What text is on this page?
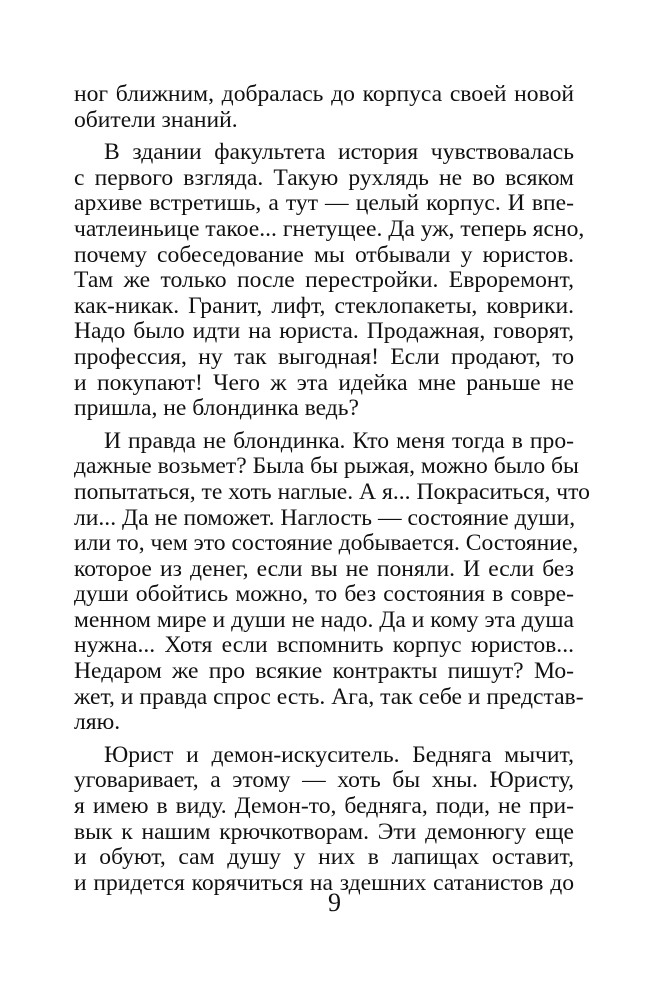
ног ближним, добралась до корпуса своей новой
обители знаний.
В здании факультета история чувствовалась
с первого взгляда. Такую рухлядь не во всяком
архиве встретишь, а тут — целый корпус. И впе-
чатлеиньице такое... гнетущее. Да уж, теперь ясно,
почему собеседование мы отбывали у юристов.
Там же только после перестройки. Евроремонт,
как-никак. Гранит, лифт, стеклопакеты, коврики.
Надо было идти на юриста. Продажная, говорят,
профессия, ну так выгодная! Если продают, то
и покупают! Чего ж эта идейка мне раньше не
пришла, не блондинка ведь?
И правда не блондинка. Кто меня тогда в про-
дажные возьмет? Была бы рыжая, можно было бы
попытаться, те хоть наглые. А я... Покраситься, что
ли... Да не поможет. Наглость — состояние души,
или то, чем это состояние добывается. Состояние,
которое из денег, если вы не поняли. И если без
души обойтись можно, то без состояния в совре-
менном мире и души не надо. Да и кому эта душа
нужна... Хотя если вспомнить корпус юристов...
Недаром же про всякие контракты пишут? Мо-
жет, и правда спрос есть. Ага, так себе и представ-
ляю.
Юрист и демон-искуситель. Бедняга мычит,
уговаривает, а этому — хоть бы хны. Юристу,
я имею в виду. Демон-то, бедняга, поди, не при-
вык к нашим крючкотворам. Эти демонюгу еще
и обуют, сам душу у них в лапищах оставит,
и придется корячиться на здешних сатанистов до
9
